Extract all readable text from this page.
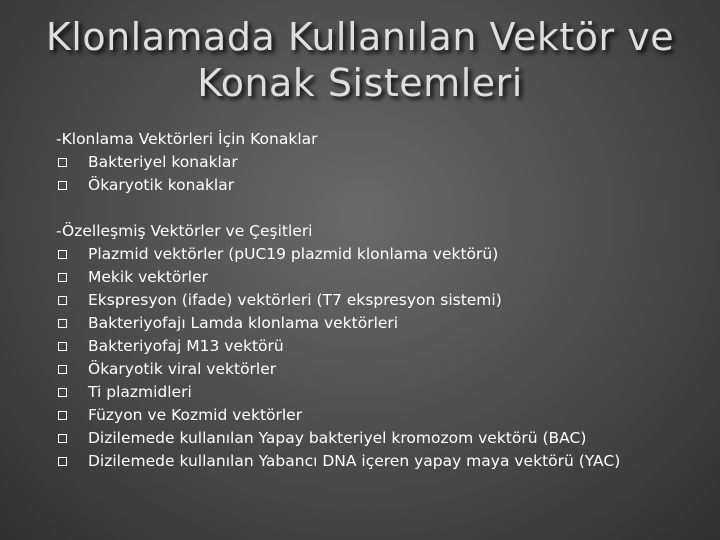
Klonlamada Kullanılan Vektör ve
Konak Sistemleri
-Klonlama Vektörleri İçin Konaklar
Bakteriyel konaklar
Ökaryotik konaklar
-Özelleşmiş Vektörler ve Çeşitleri
Plazmid vektörler (pUC19 plazmid klonlama vektörü)
Mekik vektörler
Ekspresyon (ifade) vektörleri (T7 ekspresyon sistemi)
Bakteriyofajı Lamda klonlama vektörleri
Bakteriyofaj M13 vektörü
Ökaryotik viral vektörler
Ti plazmidleri
Füzyon ve Kozmid vektörler
Dizilemede kullanılan Yapay bakteriyel kromozom vektörü (BAC)
Dizilemede kullanılan Yabancı DNA içeren yapay maya vektörü (YAC)
